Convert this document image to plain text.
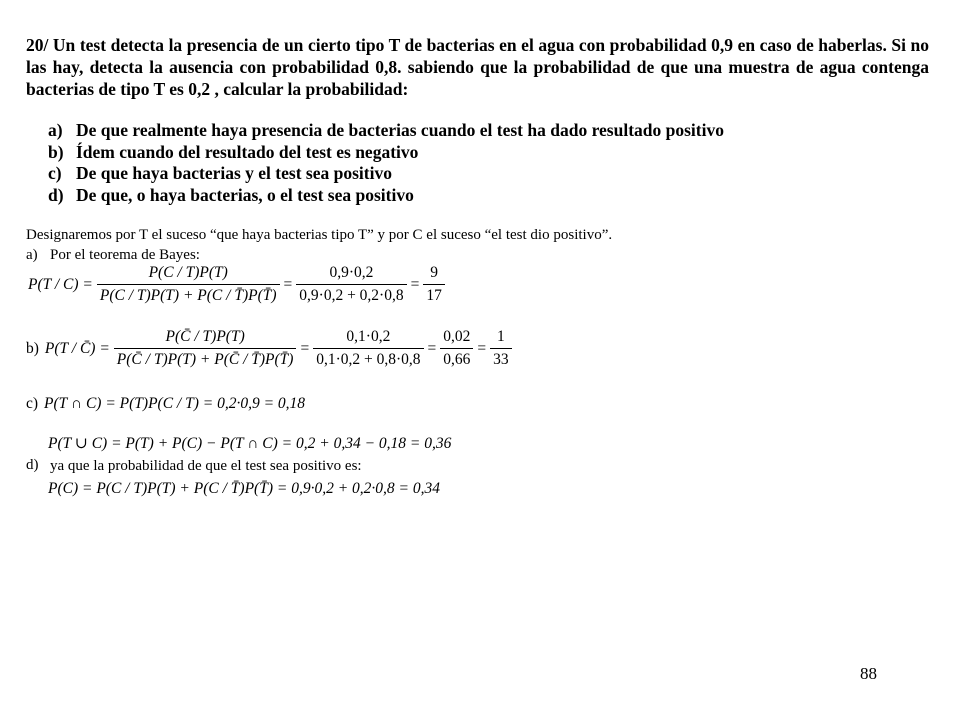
20/ Un test detecta la presencia de un cierto tipo T de bacterias en el agua con probabilidad 0,9 en caso de haberlas. Si no las hay, detecta la ausencia con probabilidad 0,8. sabiendo que la probabilidad de que una muestra de agua contenga bacterias de tipo T es 0,2 , calcular la probabilidad:
a) De que realmente haya presencia de bacterias cuando el test ha dado resultado positivo
b) Ídem cuando del resultado del test es negativo
c) De que haya bacterias y el test sea positivo
d) De que, o haya bacterias, o el test sea positivo
Designaremos por T el suceso “que haya bacterias tipo T” y por C el suceso “el test dio positivo”.
a) Por el teorema de Bayes:
$P(T / C) = \frac{P(C / T)P(T)}{P(C / T)P(T) + P(C / T̄)P(T̄)} = \frac{0,9\cdot 0,2}{0,9\cdot 0,2 + 0,2\cdot 0,8} = \frac{9}{17}$
b) P(T / C̄) = $\frac{P(C̄ / T)P(T)}{P(C̄ / T)P(T) + P(C̄ / T̄)P(T̄)} = \frac{0,1\cdot 0,2}{0,1\cdot 0,2 + 0,8\cdot 0,8} = \frac{0,02}{0,66} = \frac{1}{33}$
c) P(T ∩ C) = P(T)P(C / T) = 0,2·0,9 = 0,18
P(T ∪ C) = P(T) + P(C) − P(T ∩ C) = 0,2 + 0,34 − 0,18 = 0,36
d) ya que la probabilidad de que el test sea positivo es:
P(C) = P(C / T)P(T) + P(C / T̄)P(T̄) = 0,9·0,2 + 0,2·0,8 = 0,34
88
